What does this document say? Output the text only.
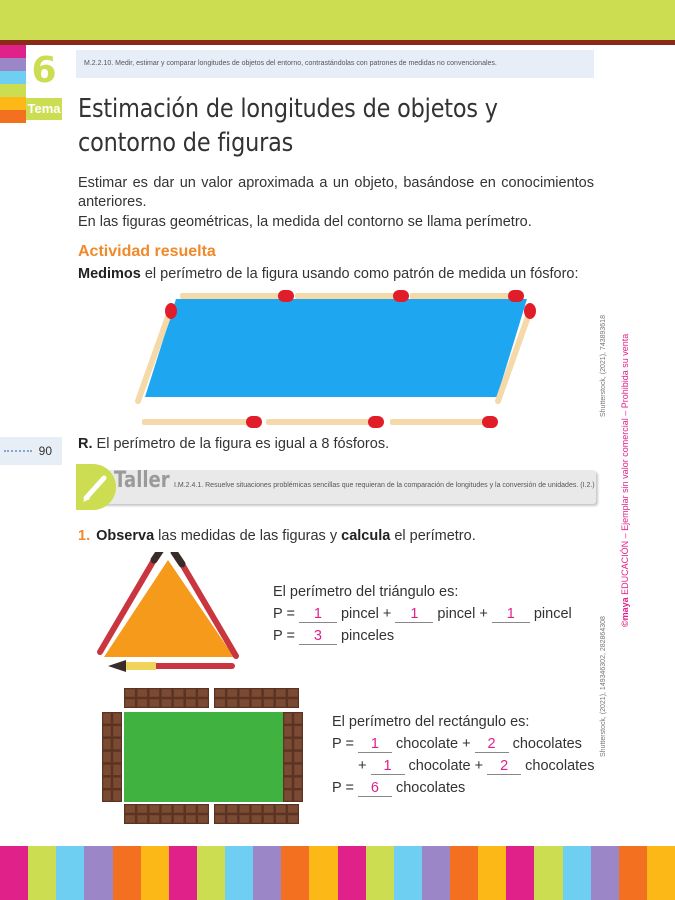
6
Tema
M.2.2.10. Medir, estimar y comparar longitudes de objetos del entorno, contrastándolas con patrones de medidas no convencionales.
Estimación de longitudes de objetos y contorno de figuras
Estimar es dar un valor aproximada a un objeto, basándose en conocimientos anteriores.
En las figuras geométricas, la medida del contorno se llama perímetro.
Actividad resuelta
Medimos el perímetro de la figura usando como patrón de medida un fósforo:
R. El perímetro de la figura es igual a 8 fósforos.
90
I.M.2.4.1. Resuelve situaciones problémicas sencillas que requieran de la comparación de longitudes y la conversión de unidades. (I.2.)
Taller
1. Observa las medidas de las figuras y calcula el perímetro.
El perímetro del triángulo es:
P = 1 pincel + 1 pincel + 1 pincel
P = 3 pinceles
El perímetro del rectángulo es:
P = 1 chocolate + 2 chocolates
+ 1 chocolate + 2 chocolates
P = 6 chocolates
Shutterstock, (2021), 743893618
Shutterstock, (2021), 149346302, 282864308
©maya EDUCACIÓN – Ejemplar sin valor comercial – Prohibida su venta
